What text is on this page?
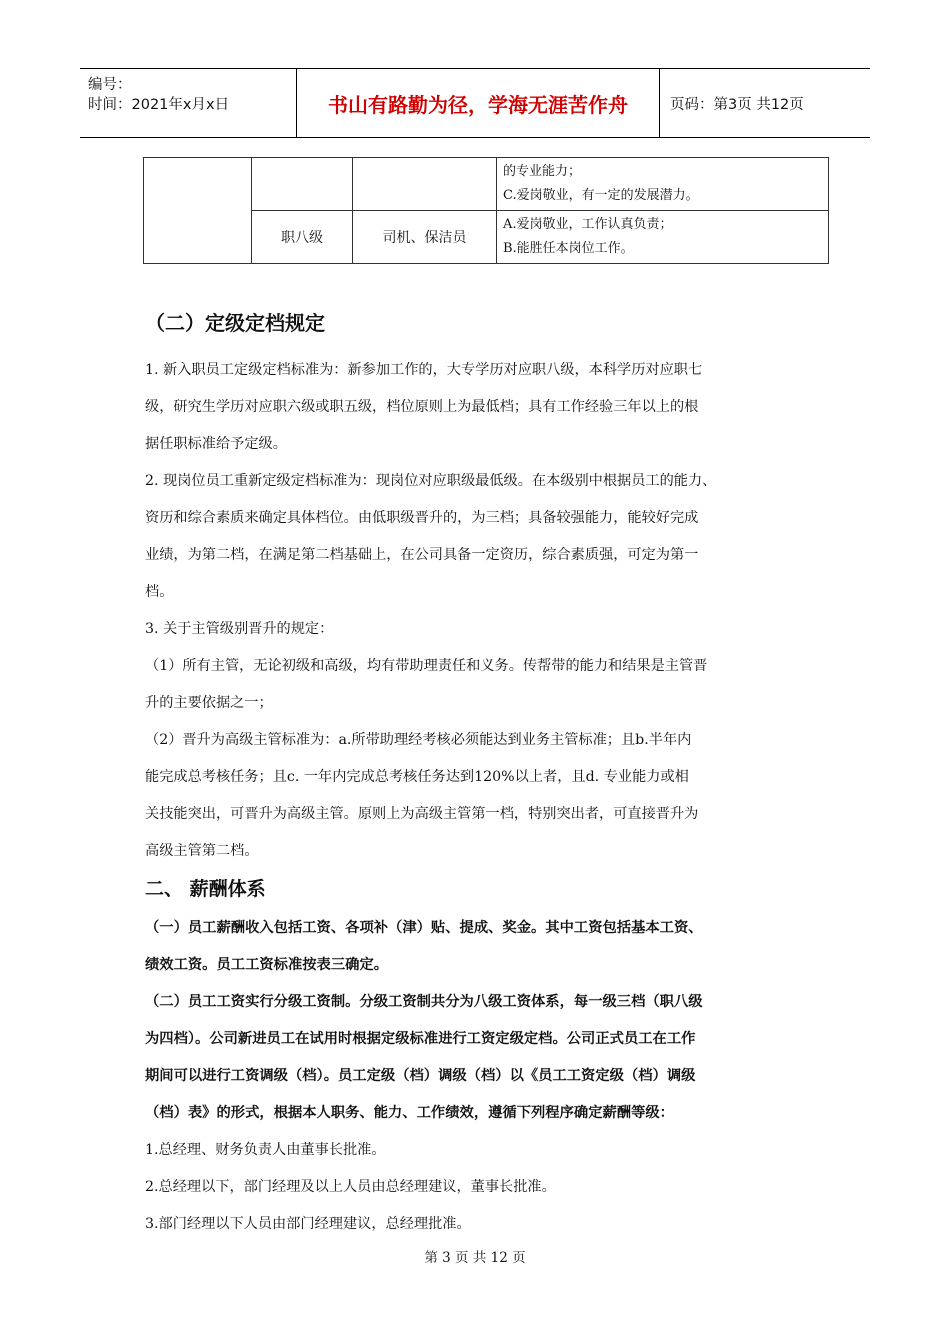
编号：
时间：2021年x月x日	书山有路勤为径，学海无涯苦作舟	页码：第3页 共12页

			的专业能力；
C.爱岗敬业，有一定的发展潜力。

	职八级	司机、保洁员	A.爱岗敬业，工作认真负责；
B.能胜任本岗位工作。
（二）定级定档规定

1. 新入职员工定级定档标准为：新参加工作的，大专学历对应职八级，本科学历对应职七

级，研究生学历对应职六级或职五级，档位原则上为最低档；具有工作经验三年以上的根

据任职标准给予定级。

2. 现岗位员工重新定级定档标准为：现岗位对应职级最低级。在本级别中根据员工的能力、

资历和综合素质来确定具体档位。由低职级晋升的，为三档；具备较强能力，能较好完成

业绩，为第二档，在满足第二档基础上，在公司具备一定资历，综合素质强，可定为第一

档。

3. 关于主管级别晋升的规定：

（1）所有主管，无论初级和高级，均有带助理责任和义务。传帮带的能力和结果是主管晋

升的主要依据之一；

（2）晋升为高级主管标准为：a.所带助理经考核必须能达到业务主管标准；且b.半年内

能完成总考核任务；且c. 一年内完成总考核任务达到120%以上者，且d. 专业能力或相

关技能突出，可晋升为高级主管。原则上为高级主管第一档，特别突出者，可直接晋升为

高级主管第二档。

二、 薪酬体系

（一）员工薪酬收入包括工资、各项补（津）贴、提成、奖金。其中工资包括基本工资、

绩效工资。员工工资标准按表三确定。

（二）员工工资实行分级工资制。分级工资制共分为八级工资体系，每一级三档（职八级

为四档）。公司新进员工在试用时根据定级标准进行工资定级定档。公司正式员工在工作

期间可以进行工资调级（档）。员工定级（档）调级（档）以《员工工资定级（档）调级

（档）表》的形式，根据本人职务、能力、工作绩效，遵循下列程序确定薪酬等级：

1.总经理、财务负责人由董事长批准。

2.总经理以下，部门经理及以上人员由总经理建议，董事长批准。

3.部门经理以下人员由部门经理建议，总经理批准。

第 3 页 共 12 页
